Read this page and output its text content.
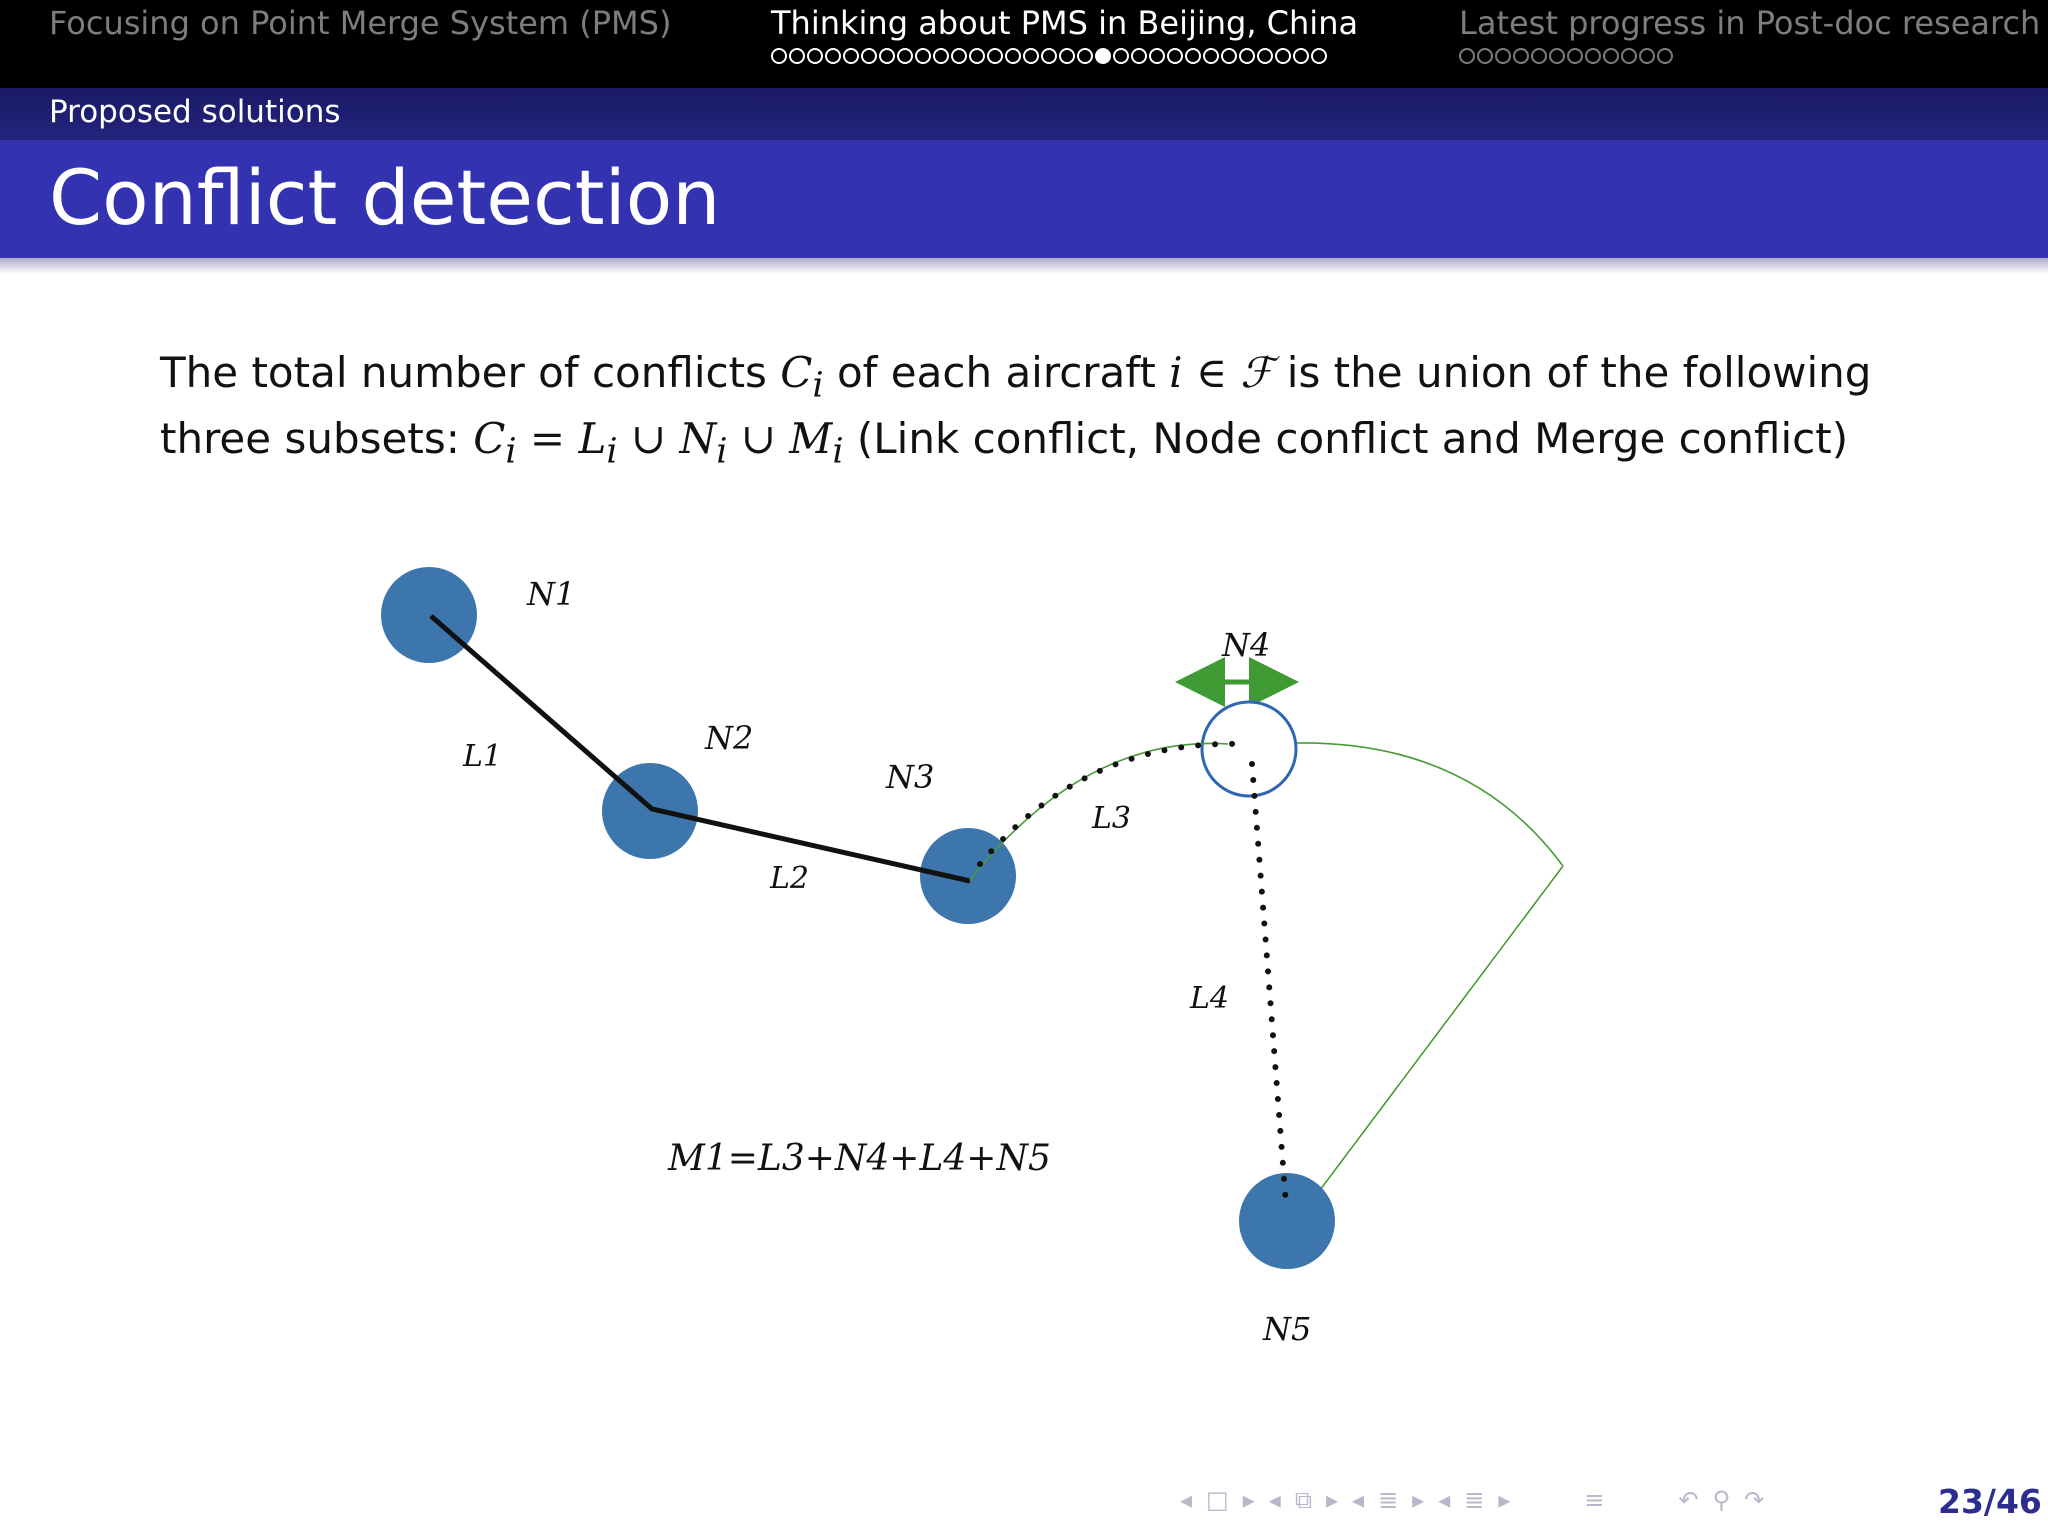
Focusing on Point Merge System (PMS)	Thinking about PMS in Beijing, China	Latest progress in Post-doc research
Proposed solutions
Conflict detection
The total number of conflicts $C_i$ of each aircraft i ∈ ℱ is the union of the following
three subsets: $C_i = L_i$ ∪ $N_i$ ∪ $M_i$ (Link conflict, Node conflict and Merge conflict)
N1
N2
N3
N4
N5
L1
L2
L3
L4
M1=L3+N4+L4+N5
◂ □ ▸ ◂ ⧉ ▸ ◂ ≣ ▸ ◂ ≣ ▸	≡	↶ ⚲ ↷	23/46
